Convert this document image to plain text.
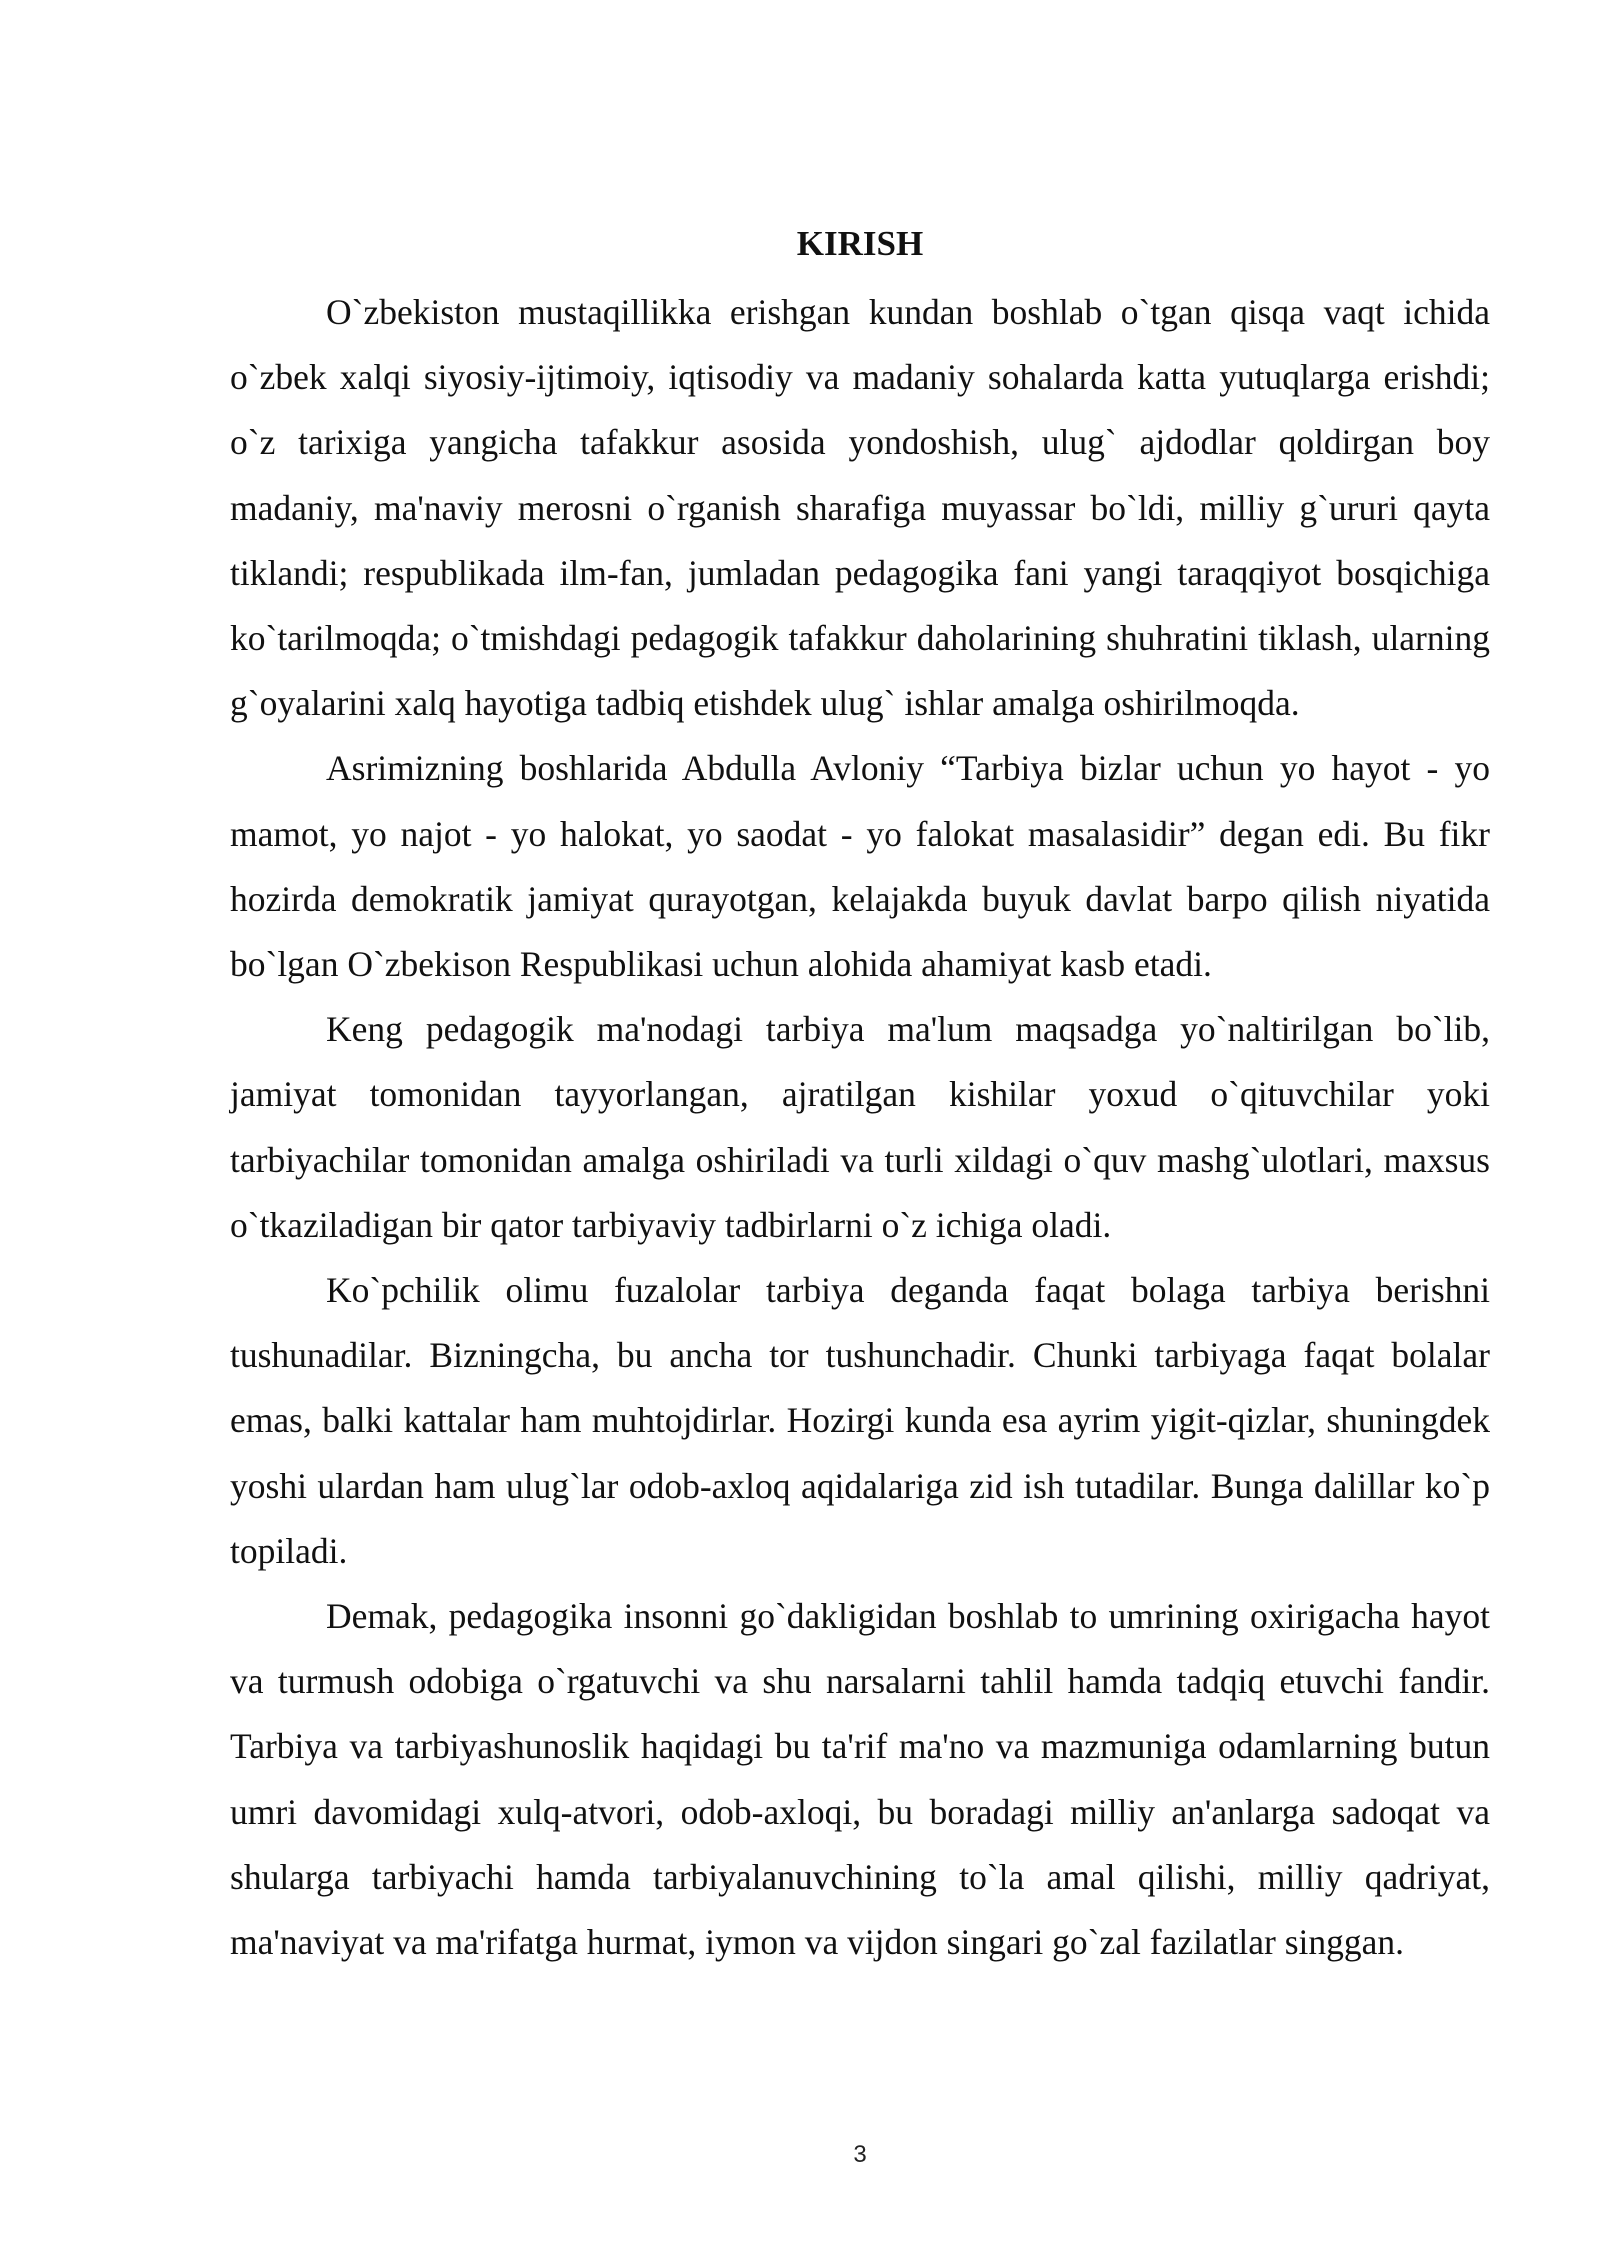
KIRISH

O`zbekiston mustaqillikka erishgan kundan boshlab o`tgan qisqa vaqt ichida o`zbek xalqi siyosiy-ijtimoiy, iqtisodiy va madaniy sohalarda katta yutuqlarga erishdi; o`z tarixiga yangicha tafakkur asosida yondoshish, ulug` ajdodlar qoldirgan boy madaniy, ma'naviy merosni o`rganish sharafiga muyassar bo`ldi, milliy g`ururi qayta tiklandi; respublikada ilm-fan, jumladan pedagogika fani yangi taraqqiyot bosqichiga ko`tarilmoqda; o`tmishdagi pedagogik tafakkur daholarining shuhratini tiklash, ularning g`oyalarini xalq hayotiga tadbiq etishdek ulug` ishlar amalga oshirilmoqda.

Asrimizning boshlarida Abdulla Avloniy “Tarbiya bizlar uchun yo hayot - yo mamot, yo najot - yo halokat, yo saodat - yo falokat masalasidir” degan edi. Bu fikr hozirda demokratik jamiyat qurayotgan, kelajakda buyuk davlat barpo qilish niyatida bo`lgan O`zbekison Respublikasi uchun alohida ahamiyat kasb etadi.

Keng pedagogik ma'nodagi tarbiya ma'lum maqsadga yo`naltirilgan bo`lib, jamiyat tomonidan tayyorlangan, ajratilgan kishilar yoxud o`qituvchilar yoki tarbiyachilar tomonidan amalga oshiriladi va turli xildagi o`quv mashg`ulotlari, maxsus o`tkaziladigan bir qator tarbiyaviy tadbirlarni o`z ichiga oladi.

Ko`pchilik olimu fuzalolar tarbiya deganda faqat bolaga tarbiya berishni tushunadilar. Bizningcha, bu ancha tor tushunchadir. Chunki tarbiyaga faqat bolalar emas, balki kattalar ham muhtojdirlar. Hozirgi kunda esa ayrim yigit-qizlar, shuningdek yoshi ulardan ham ulug`lar odob-axloq aqidalariga zid ish tutadilar. Bunga dalillar ko`p topiladi.

Demak, pedagogika insonni go`dakligidan boshlab to umrining oxirigacha hayot va turmush odobiga o`rgatuvchi va shu narsalarni tahlil hamda tadqiq etuvchi fandir. Tarbiya va tarbiyashunoslik haqidagi bu ta'rif ma'no va mazmuniga odamlarning butun umri davomidagi xulq-atvori, odob-axloqi, bu boradagi milliy an'anlarga sadoqat va shularga tarbiyachi hamda tarbiyalanuvchining to`la amal qilishi, milliy qadriyat, ma'naviyat va ma'rifatga hurmat, iymon va vijdon singari go`zal fazilatlar singgan.

3
